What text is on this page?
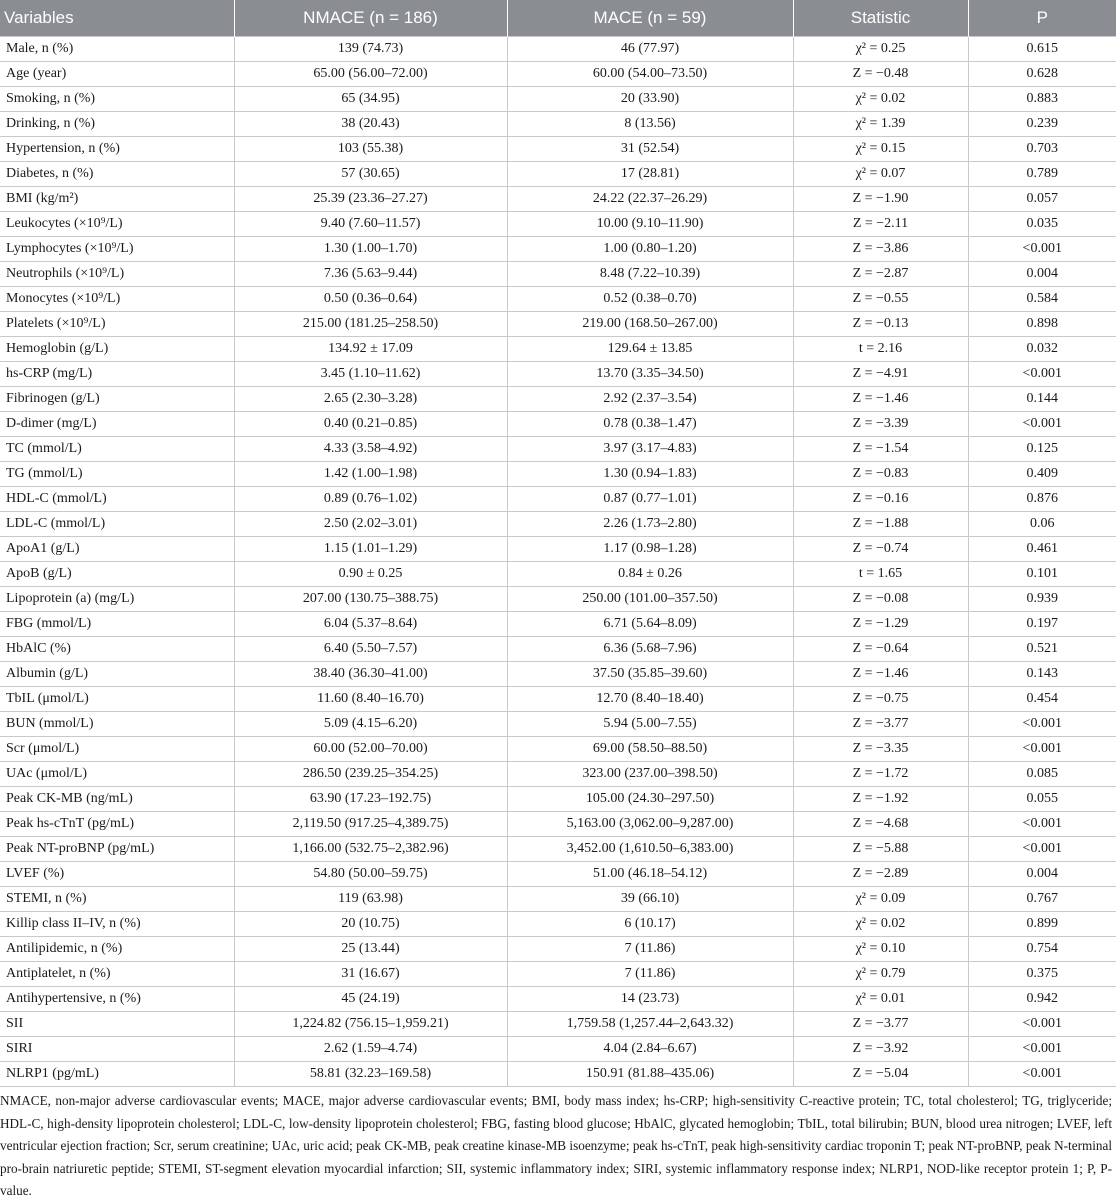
Variables	NMACE (n = 186)	MACE (n = 59)	Statistic	P
Male, n (%)	139 (74.73)	46 (77.97)	χ² = 0.25	0.615
Age (year)	65.00 (56.00–72.00)	60.00 (54.00–73.50)	Z = −0.48	0.628
Smoking, n (%)	65 (34.95)	20 (33.90)	χ² = 0.02	0.883
Drinking, n (%)	38 (20.43)	8 (13.56)	χ² = 1.39	0.239
Hypertension, n (%)	103 (55.38)	31 (52.54)	χ² = 0.15	0.703
Diabetes, n (%)	57 (30.65)	17 (28.81)	χ² = 0.07	0.789
BMI (kg/m²)	25.39 (23.36–27.27)	24.22 (22.37–26.29)	Z = −1.90	0.057
Leukocytes (×10⁹/L)	9.40 (7.60–11.57)	10.00 (9.10–11.90)	Z = −2.11	0.035
Lymphocytes (×10⁹/L)	1.30 (1.00–1.70)	1.00 (0.80–1.20)	Z = −3.86	<0.001
Neutrophils (×10⁹/L)	7.36 (5.63–9.44)	8.48 (7.22–10.39)	Z = −2.87	0.004
Monocytes (×10⁹/L)	0.50 (0.36–0.64)	0.52 (0.38–0.70)	Z = −0.55	0.584
Platelets (×10⁹/L)	215.00 (181.25–258.50)	219.00 (168.50–267.00)	Z = −0.13	0.898
Hemoglobin (g/L)	134.92 ± 17.09	129.64 ± 13.85	t = 2.16	0.032
hs-CRP (mg/L)	3.45 (1.10–11.62)	13.70 (3.35–34.50)	Z = −4.91	<0.001
Fibrinogen (g/L)	2.65 (2.30–3.28)	2.92 (2.37–3.54)	Z = −1.46	0.144
D-dimer (mg/L)	0.40 (0.21–0.85)	0.78 (0.38–1.47)	Z = −3.39	<0.001
TC (mmol/L)	4.33 (3.58–4.92)	3.97 (3.17–4.83)	Z = −1.54	0.125
TG (mmol/L)	1.42 (1.00–1.98)	1.30 (0.94–1.83)	Z = −0.83	0.409
HDL-C (mmol/L)	0.89 (0.76–1.02)	0.87 (0.77–1.01)	Z = −0.16	0.876
LDL-C (mmol/L)	2.50 (2.02–3.01)	2.26 (1.73–2.80)	Z = −1.88	0.06
ApoA1 (g/L)	1.15 (1.01–1.29)	1.17 (0.98–1.28)	Z = −0.74	0.461
ApoB (g/L)	0.90 ± 0.25	0.84 ± 0.26	t = 1.65	0.101
Lipoprotein (a) (mg/L)	207.00 (130.75–388.75)	250.00 (101.00–357.50)	Z = −0.08	0.939
FBG (mmol/L)	6.04 (5.37–8.64)	6.71 (5.64–8.09)	Z = −1.29	0.197
HbAlC (%)	6.40 (5.50–7.57)	6.36 (5.68–7.96)	Z = −0.64	0.521
Albumin (g/L)	38.40 (36.30–41.00)	37.50 (35.85–39.60)	Z = −1.46	0.143
TbIL (μmol/L)	11.60 (8.40–16.70)	12.70 (8.40–18.40)	Z = −0.75	0.454
BUN (mmol/L)	5.09 (4.15–6.20)	5.94 (5.00–7.55)	Z = −3.77	<0.001
Scr (μmol/L)	60.00 (52.00–70.00)	69.00 (58.50–88.50)	Z = −3.35	<0.001
UAc (μmol/L)	286.50 (239.25–354.25)	323.00 (237.00–398.50)	Z = −1.72	0.085
Peak CK-MB (ng/mL)	63.90 (17.23–192.75)	105.00 (24.30–297.50)	Z = −1.92	0.055
Peak hs-cTnT (pg/mL)	2,119.50 (917.25–4,389.75)	5,163.00 (3,062.00–9,287.00)	Z = −4.68	<0.001
Peak NT-proBNP (pg/mL)	1,166.00 (532.75–2,382.96)	3,452.00 (1,610.50–6,383.00)	Z = −5.88	<0.001
LVEF (%)	54.80 (50.00–59.75)	51.00 (46.18–54.12)	Z = −2.89	0.004
STEMI, n (%)	119 (63.98)	39 (66.10)	χ² = 0.09	0.767
Killip class II–IV, n (%)	20 (10.75)	6 (10.17)	χ² = 0.02	0.899
Antilipidemic, n (%)	25 (13.44)	7 (11.86)	χ² = 0.10	0.754
Antiplatelet, n (%)	31 (16.67)	7 (11.86)	χ² = 0.79	0.375
Antihypertensive, n (%)	45 (24.19)	14 (23.73)	χ² = 0.01	0.942
SII	1,224.82 (756.15–1,959.21)	1,759.58 (1,257.44–2,643.32)	Z = −3.77	<0.001
SIRI	2.62 (1.59–4.74)	4.04 (2.84–6.67)	Z = −3.92	<0.001
NLRP1 (pg/mL)	58.81 (32.23–169.58)	150.91 (81.88–435.06)	Z = −5.04	<0.001

NMACE, non-major adverse cardiovascular events; MACE, major adverse cardiovascular events; BMI, body mass index; hs-CRP; high-sensitivity C-reactive protein; TC, total cholesterol; TG, triglyceride; HDL-C, high-density lipoprotein cholesterol; LDL-C, low-density lipoprotein cholesterol; FBG, fasting blood glucose; HbAlC, glycated hemoglobin; TbIL, total bilirubin; BUN, blood urea nitrogen; LVEF, left ventricular ejection fraction; Scr, serum creatinine; UAc, uric acid; peak CK-MB, peak creatine kinase-MB isoenzyme; peak hs-cTnT, peak high-sensitivity cardiac troponin T; peak NT-proBNP, peak N-terminal pro-brain natriuretic peptide; STEMI, ST-segment elevation myocardial infarction; SII, systemic inflammatory index; SIRI, systemic inflammatory response index; NLRP1, NOD-like receptor protein 1; P, P-value.
